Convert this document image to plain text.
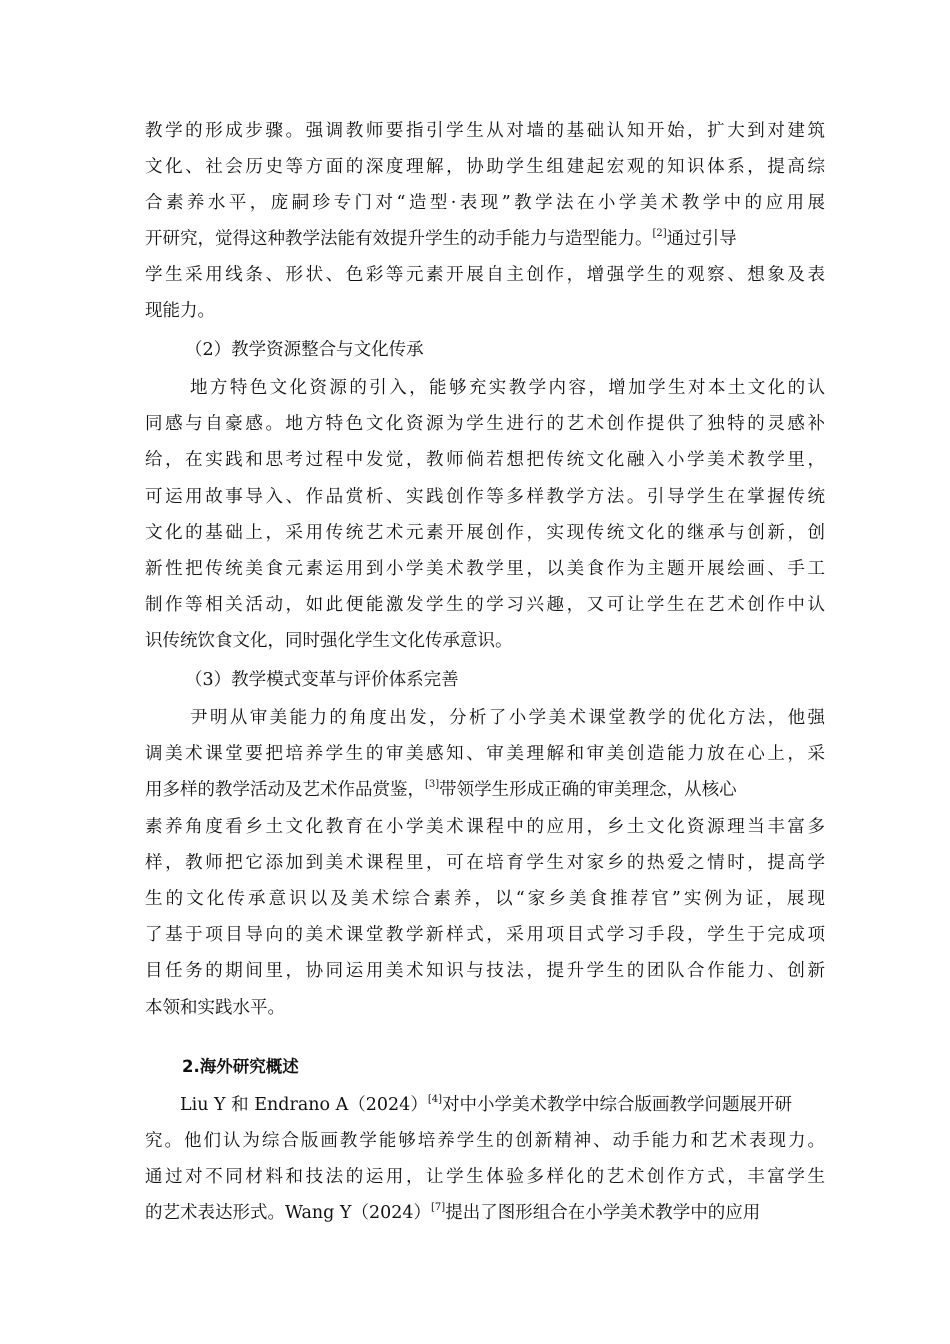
教学的形成步骤。强调教师要指引学生从对墙的基础认知开始，扩大到对建筑
文化、社会历史等方面的深度理解，协助学生组建起宏观的知识体系，提高综
合素养水平，庞嗣珍专门对“造型·表现”教学法在小学美术教学中的应用展
开研究，觉得这种教学法能有效提升学生的动手能力与造型能力。[2]通过引导
学生采用线条、形状、色彩等元素开展自主创作，增强学生的观察、想象及表
现能力。
（2）教学资源整合与文化传承
地方特色文化资源的引入，能够充实教学内容，增加学生对本土文化的认
同感与自豪感。地方特色文化资源为学生进行的艺术创作提供了独特的灵感补
给，在实践和思考过程中发觉，教师倘若想把传统文化融入小学美术教学里，
可运用故事导入、作品赏析、实践创作等多样教学方法。引导学生在掌握传统
文化的基础上，采用传统艺术元素开展创作，实现传统文化的继承与创新，创
新性把传统美食元素运用到小学美术教学里，以美食作为主题开展绘画、手工
制作等相关活动，如此便能激发学生的学习兴趣，又可让学生在艺术创作中认
识传统饮食文化，同时强化学生文化传承意识。
（3）教学模式变革与评价体系完善
尹明从审美能力的角度出发，分析了小学美术课堂教学的优化方法，他强
调美术课堂要把培养学生的审美感知、审美理解和审美创造能力放在心上，采
用多样的教学活动及艺术作品赏鉴，[3]带领学生形成正确的审美理念，从核心
素养角度看乡土文化教育在小学美术课程中的应用，乡土文化资源理当丰富多
样，教师把它添加到美术课程里，可在培育学生对家乡的热爱之情时，提高学
生的文化传承意识以及美术综合素养，以“家乡美食推荐官”实例为证，展现
了基于项目导向的美术课堂教学新样式，采用项目式学习手段，学生于完成项
目任务的期间里，协同运用美术知识与技法，提升学生的团队合作能力、创新
本领和实践水平。
2.海外研究概述
Liu Y 和 Endrano A（2024）[4]对中小学美术教学中综合版画教学问题展开研
究。他们认为综合版画教学能够培养学生的创新精神、动手能力和艺术表现力。
通过对不同材料和技法的运用，让学生体验多样化的艺术创作方式，丰富学生
的艺术表达形式。Wang Y（2024）[7]提出了图形组合在小学美术教学中的应用
